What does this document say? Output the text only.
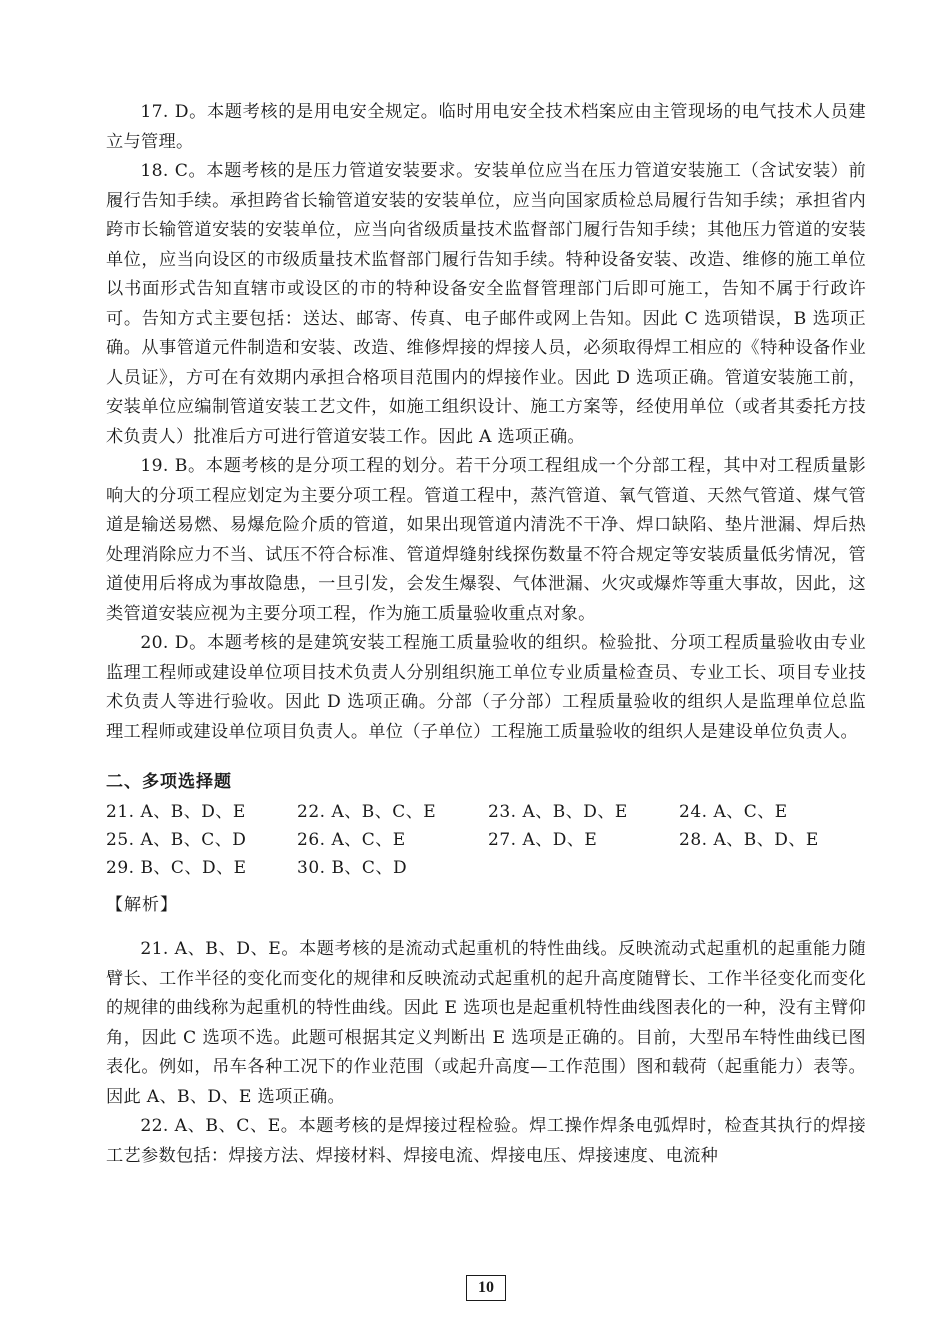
17. D。本题考核的是用电安全规定。临时用电安全技术档案应由主管现场的电气技术人员建立与管理。

18. C。本题考核的是压力管道安装要求。安装单位应当在压力管道安装施工（含试安装）前履行告知手续。承担跨省长输管道安装的安装单位，应当向国家质检总局履行告知手续；承担省内跨市长输管道安装的安装单位，应当向省级质量技术监督部门履行告知手续；其他压力管道的安装单位，应当向设区的市级质量技术监督部门履行告知手续。特种设备安装、改造、维修的施工单位以书面形式告知直辖市或设区的市的特种设备安全监督管理部门后即可施工，告知不属于行政许可。告知方式主要包括：送达、邮寄、传真、电子邮件或网上告知。因此 C 选项错误，B 选项正确。从事管道元件制造和安装、改造、维修焊接的焊接人员，必须取得焊工相应的《特种设备作业人员证》，方可在有效期内承担合格项目范围内的焊接作业。因此 D 选项正确。管道安装施工前，安装单位应编制管道安装工艺文件，如施工组织设计、施工方案等，经使用单位（或者其委托方技术负责人）批准后方可进行管道安装工作。因此 A 选项正确。

19. B。本题考核的是分项工程的划分。若干分项工程组成一个分部工程，其中对工程质量影响大的分项工程应划定为主要分项工程。管道工程中，蒸汽管道、氧气管道、天然气管道、煤气管道是输送易燃、易爆危险介质的管道，如果出现管道内清洗不干净、焊口缺陷、垫片泄漏、焊后热处理消除应力不当、试压不符合标准、管道焊缝射线探伤数量不符合规定等安装质量低劣情况，管道使用后将成为事故隐患，一旦引发，会发生爆裂、气体泄漏、火灾或爆炸等重大事故，因此，这类管道安装应视为主要分项工程，作为施工质量验收重点对象。

20. D。本题考核的是建筑安装工程施工质量验收的组织。检验批、分项工程质量验收由专业监理工程师或建设单位项目技术负责人分别组织施工单位专业质量检查员、专业工长、项目专业技术负责人等进行验收。因此 D 选项正确。分部（子分部）工程质量验收的组织人是监理单位总监理工程师或建设单位项目负责人。单位（子单位）工程施工质量验收的组织人是建设单位负责人。

二、多项选择题
21. A、B、D、E	22. A、B、C、E	23. A、B、D、E	24. A、C、E
25. A、B、C、D	26. A、C、E	27. A、D、E	28. A、B、D、E
29. B、C、D、E	30. B、C、D
【解析】

21. A、B、D、E。本题考核的是流动式起重机的特性曲线。反映流动式起重机的起重能力随臂长、工作半径的变化而变化的规律和反映流动式起重机的起升高度随臂长、工作半径变化而变化的规律的曲线称为起重机的特性曲线。因此 E 选项也是起重机特性曲线图表化的一种，没有主臂仰角，因此 C 选项不选。此题可根据其定义判断出 E 选项是正确的。目前，大型吊车特性曲线已图表化。例如，吊车各种工况下的作业范围（或起升高度—工作范围）图和载荷（起重能力）表等。因此 A、B、D、E 选项正确。

22. A、B、C、E。本题考核的是焊接过程检验。焊工操作焊条电弧焊时，检查其执行的焊接工艺参数包括：焊接方法、焊接材料、焊接电流、焊接电压、焊接速度、电流种

10
